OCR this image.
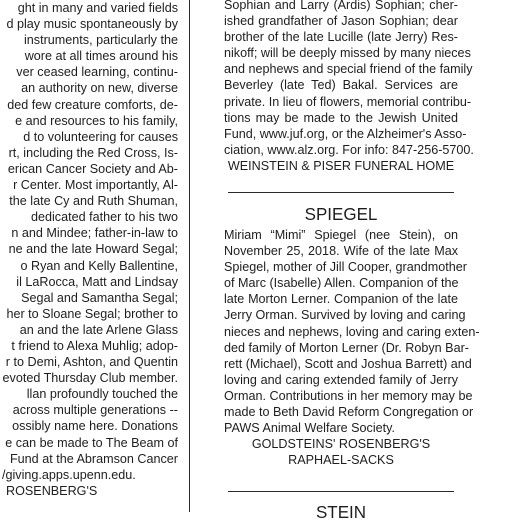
ght in many and varied fields
d play music spontaneously by
instruments, particularly the
wore at all times around his
ver ceased learning, continu-
an authority on new, diverse
ded few creature comforts, de-
e and resources to his family,
d to volunteering for causes
rt, including the Red Cross, Is-
erican Cancer Society and Ab-
r Center. Most importantly, Al-
the late Cy and Ruth Shuman,
dedicated father to his two
n and Mindee; father-in-law to
ne and the late Howard Segal;
o Ryan and Kelly Ballentine,
il LaRocca, Matt and Lindsay
Segal and Samantha Segal;
her to Sloane Segal; brother to
an and the late Arlene Glass
t friend to Alexa Muhlig; adop-
r to Demi, Ashton, and Quentin
evoted Thursday Club member.
llan profoundly touched the
across multiple generations --
ossibly name here. Donations
e can be made to The Beam of
Fund at the Abramson Cancer
/giving.apps.upenn.edu.
ROSENBERG'S
Sophian and Larry (Ardis) Sophian; cher-
ished grandfather of Jason Sophian; dear
brother of the late Lucille (late Jerry) Res-
nikoff; will be deeply missed by many nieces
and nephews and special friend of the family
Beverley (late Ted) Bakal. Services are
private. In lieu of flowers, memorial contribu-
tions may be made to the Jewish United
Fund, www.juf.org, or the Alzheimer's Asso-
ciation, www.alz.org. For info: 847-256-5700.
WEINSTEIN & PISER FUNERAL HOME
SPIEGEL
Miriam “Mimi” Spiegel (nee Stein), on
November 25, 2018. Wife of the late Max
Spiegel, mother of Jill Cooper, grandmother
of Marc (Isabelle) Allen. Companion of the
late Morton Lerner. Companion of the late
Jerry Orman. Survived by loving and caring
nieces and nephews, loving and caring exten-
ded family of Morton Lerner (Dr. Robyn Bar-
rett (Michael), Scott and Joshua Barrett) and
loving and caring extended family of Jerry
Orman. Contributions in her memory may be
made to Beth David Reform Congregation or
PAWS Animal Welfare Society.
GOLDSTEINS' ROSENBERG'S
RAPHAEL-SACKS
STEIN
